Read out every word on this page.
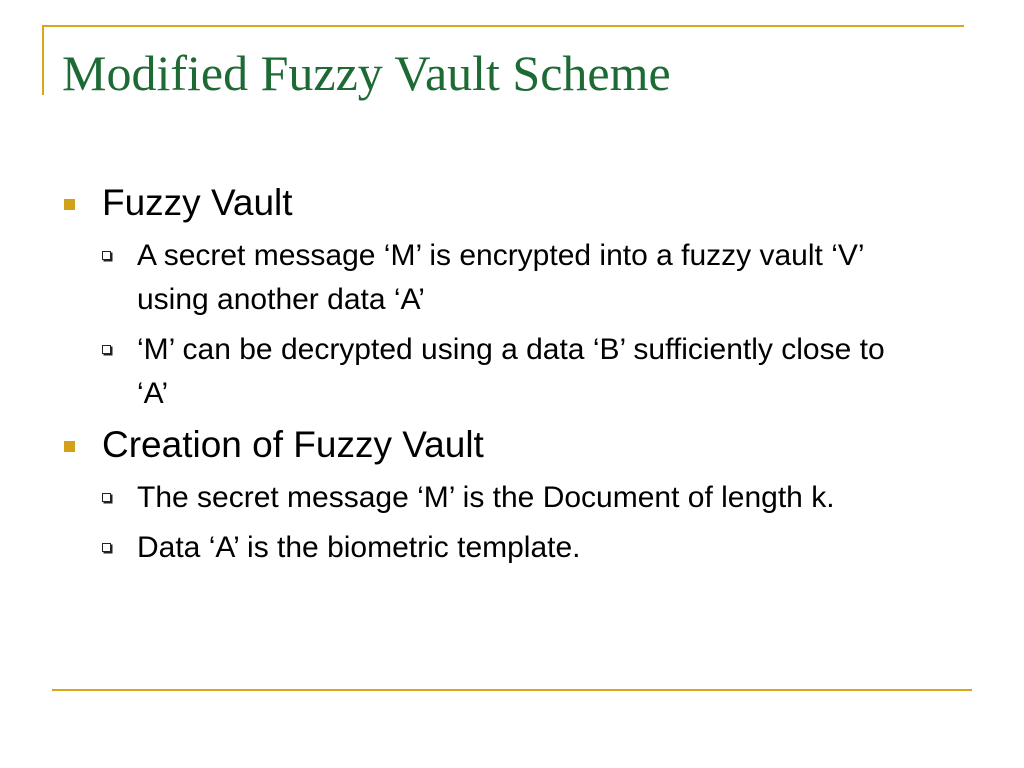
Modified Fuzzy Vault Scheme
Fuzzy Vault
A secret message ‘M’ is encrypted into a fuzzy vault ‘V’ using another data ‘A’
‘M’ can be decrypted using a data ‘B’ sufficiently close to ‘A’
Creation of Fuzzy Vault
The secret message ‘M’ is the Document of length k.
Data ‘A’ is the biometric template.
